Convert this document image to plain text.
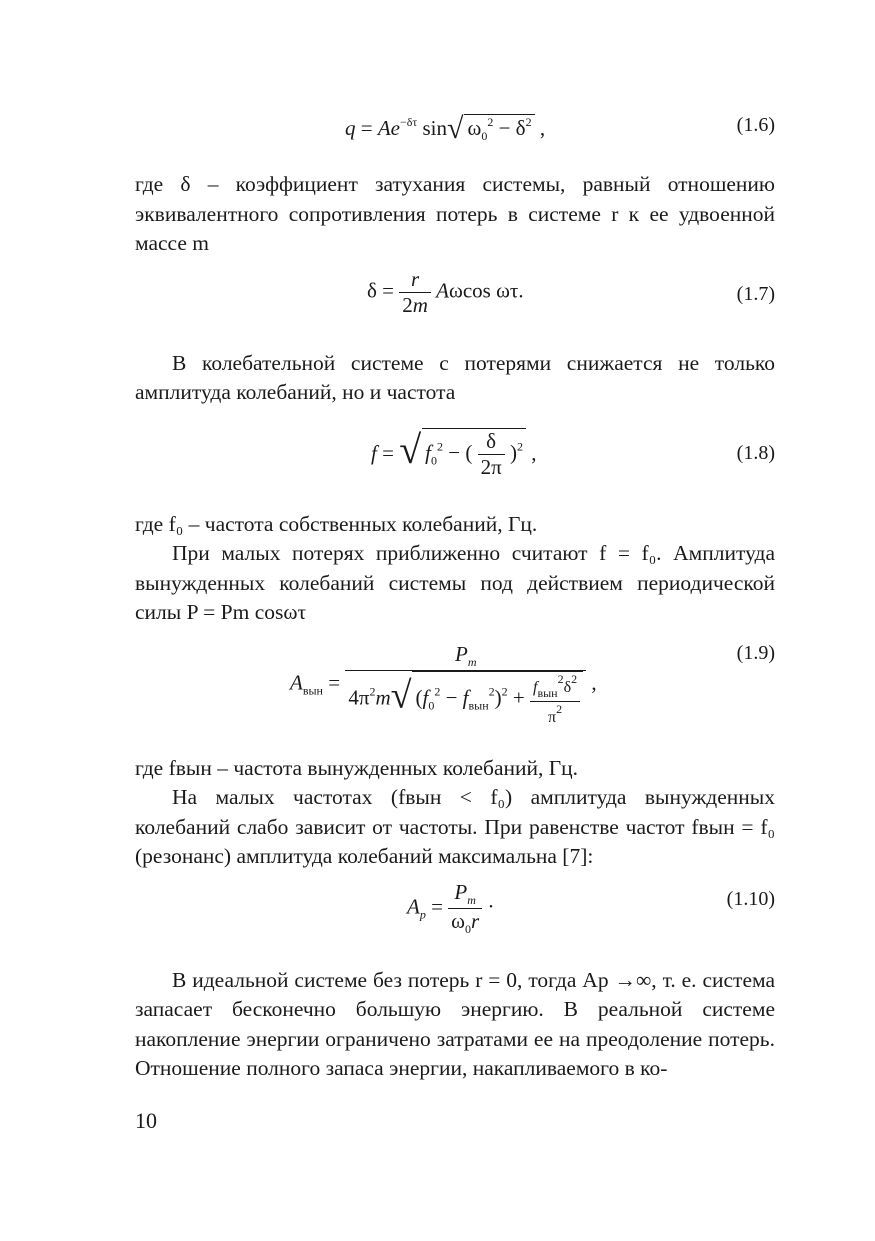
$q = Ae^{-\delta\tau}$ sin√ $\omega_0^2 - \delta^2$ ,	(1.6)

где δ – коэффициент затухания системы, равный отношению эквивалентного сопротивления потерь в системе r к ее удвоенной массе m

$\delta = \frac{r}{2m}$ Aωcos ωτ.	(1.7)

В колебательной системе с потерями снижается не только амплитуда колебаний, но и частота

f = √ $f_0^2$ − ( $\frac{\delta}{2\pi} )^2$ ,	(1.8)

где f₀ – частота собственных колебаний, Гц.

При малых потерях приближенно считают f = f₀. Амплитуда вынужденных колебаний системы под действием периодической силы P = Pm cosωτ

$A_{вын} = \frac{P_m}{4\pi^2m√ (f_0^2 - f_{вын}^2)^2 + \frac{f_{вын}^2\delta^2}{\pi^2}}$ ,
(1.9)

где fвын – частота вынужденных колебаний, Гц.

На малых частотах (fвын < f₀) амплитуда вынужденных колебаний слабо зависит от частоты. При равенстве частот fвын = f₀ (резонанс) амплитуда колебаний максимальна [7]:

$A_p = \frac{P_m}{\omega_0r}$ ·	(1.10)

В идеальной системе без потерь r = 0, тогда Aр →∞, т. е. система запасает бесконечно большую энергию. В реальной системе накопление энергии ограничено затратами ее на преодоление потерь. Отношение полного запаса энергии, накапливаемого в ко-

10
